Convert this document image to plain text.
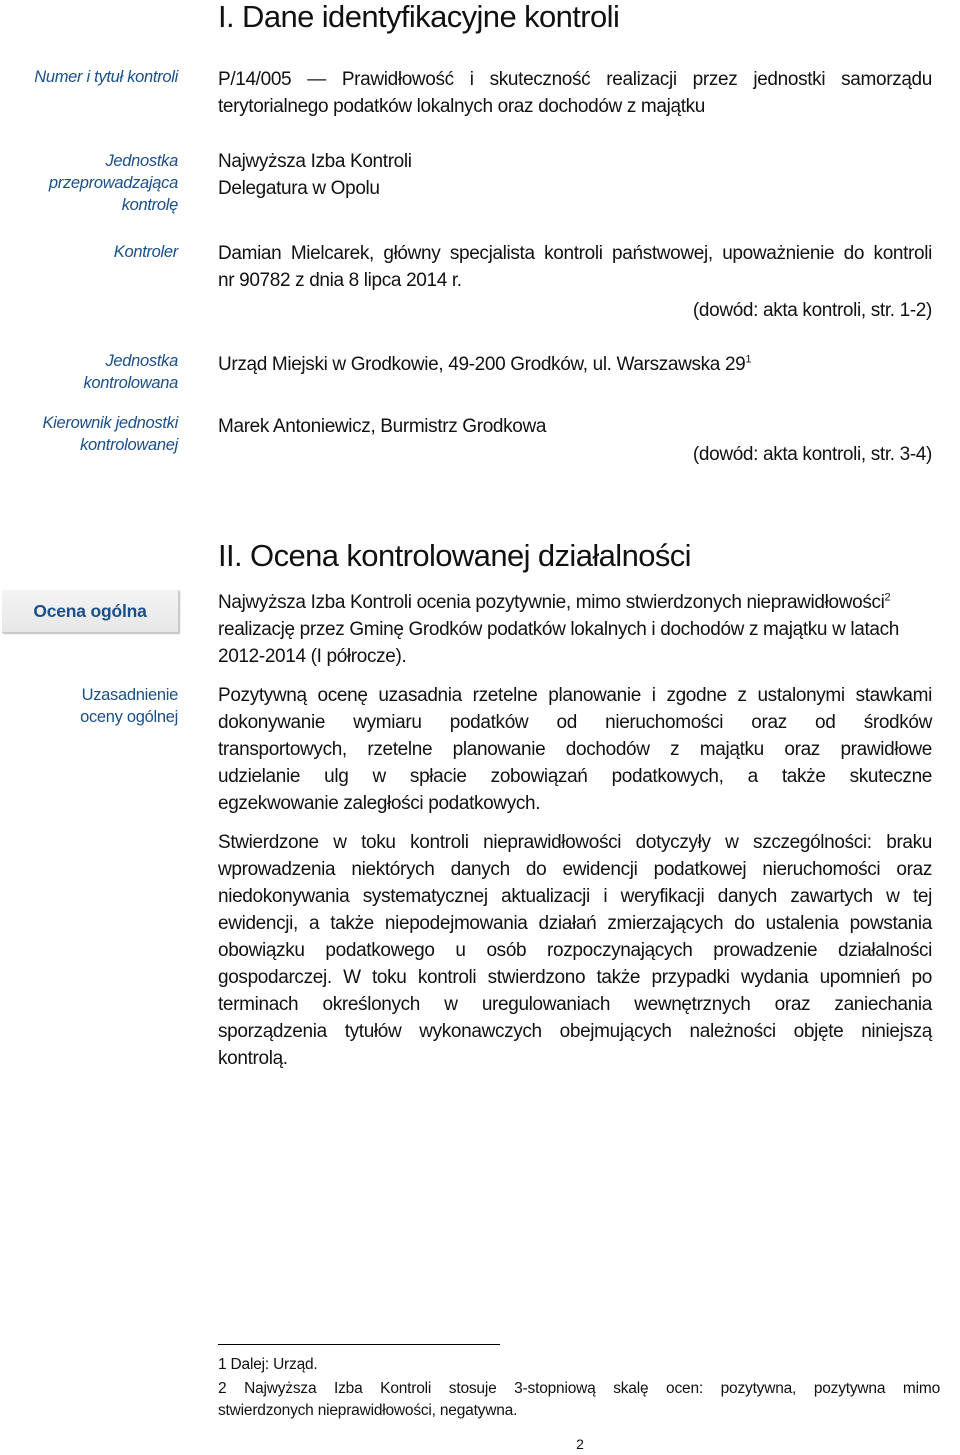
I. Dane identyfikacyjne kontroli
Numer i tytuł kontroli P/14/005 — Prawidłowość i skuteczność realizacji przez jednostki samorządu
terytorialnego podatków lokalnych oraz dochodów z majątku
Jednostka
przeprowadzająca
kontrolę
Najwyższa Izba Kontroli
Delegatura w Opolu
Kontroler Damian Mielcarek, główny specjalista kontroli państwowej, upoważnienie do kontroli
nr 90782 z dnia 8 lipca 2014 r.
(dowód: akta kontroli, str. 1-2)
Jednostka
kontrolowana
Urząd Miejski w Grodkowie, 49-200 Grodków, ul. Warszawska $29^1$
Kierownik jednostki
kontrolowanej
Marek Antoniewicz, Burmistrz Grodkowa
(dowód: akta kontroli, str. 3-4)
II. Ocena kontrolowanej działalności
Ocena ogólna
Uzasadnienie
oceny ogólnej
Najwyższa Izba Kontroli ocenia pozytywnie, mimo stwierdzonych nieprawidłowości$^2$
realizację przez Gminę Grodków podatków lokalnych i dochodów z majątku w latach
2012-2014 (I półrocze).
Pozytywną ocenę uzasadnia rzetelne planowanie i zgodne z ustalonymi stawkami
dokonywanie wymiaru podatków od nieruchomości oraz od środków
transportowych, rzetelne planowanie dochodów z majątku oraz prawidłowe
udzielanie ulg w spłacie zobowiązań podatkowych, a także skuteczne
egzekwowanie zaległości podatkowych.
Stwierdzone w toku kontroli nieprawidłowości dotyczyły w szczególności: braku
wprowadzenia niektórych danych do ewidencji podatkowej nieruchomości oraz
niedokonywania systematycznej aktualizacji i weryfikacji danych zawartych w tej
ewidencji, a także niepodejmowania działań zmierzających do ustalenia powstania
obowiązku podatkowego u osób rozpoczynających prowadzenie działalności
gospodarczej. W toku kontroli stwierdzono także przypadki wydania upomnień po
terminach określonych w uregulowaniach wewnętrznych oraz zaniechania
sporządzenia tytułów wykonawczych obejmujących należności objęte niniejszą
kontrolą.
1 Dalej: Urząd.
2 Najwyższa Izba Kontroli stosuje 3-stopniową skalę ocen: pozytywna, pozytywna mimo
stwierdzonych nieprawidłowości, negatywna.
2
